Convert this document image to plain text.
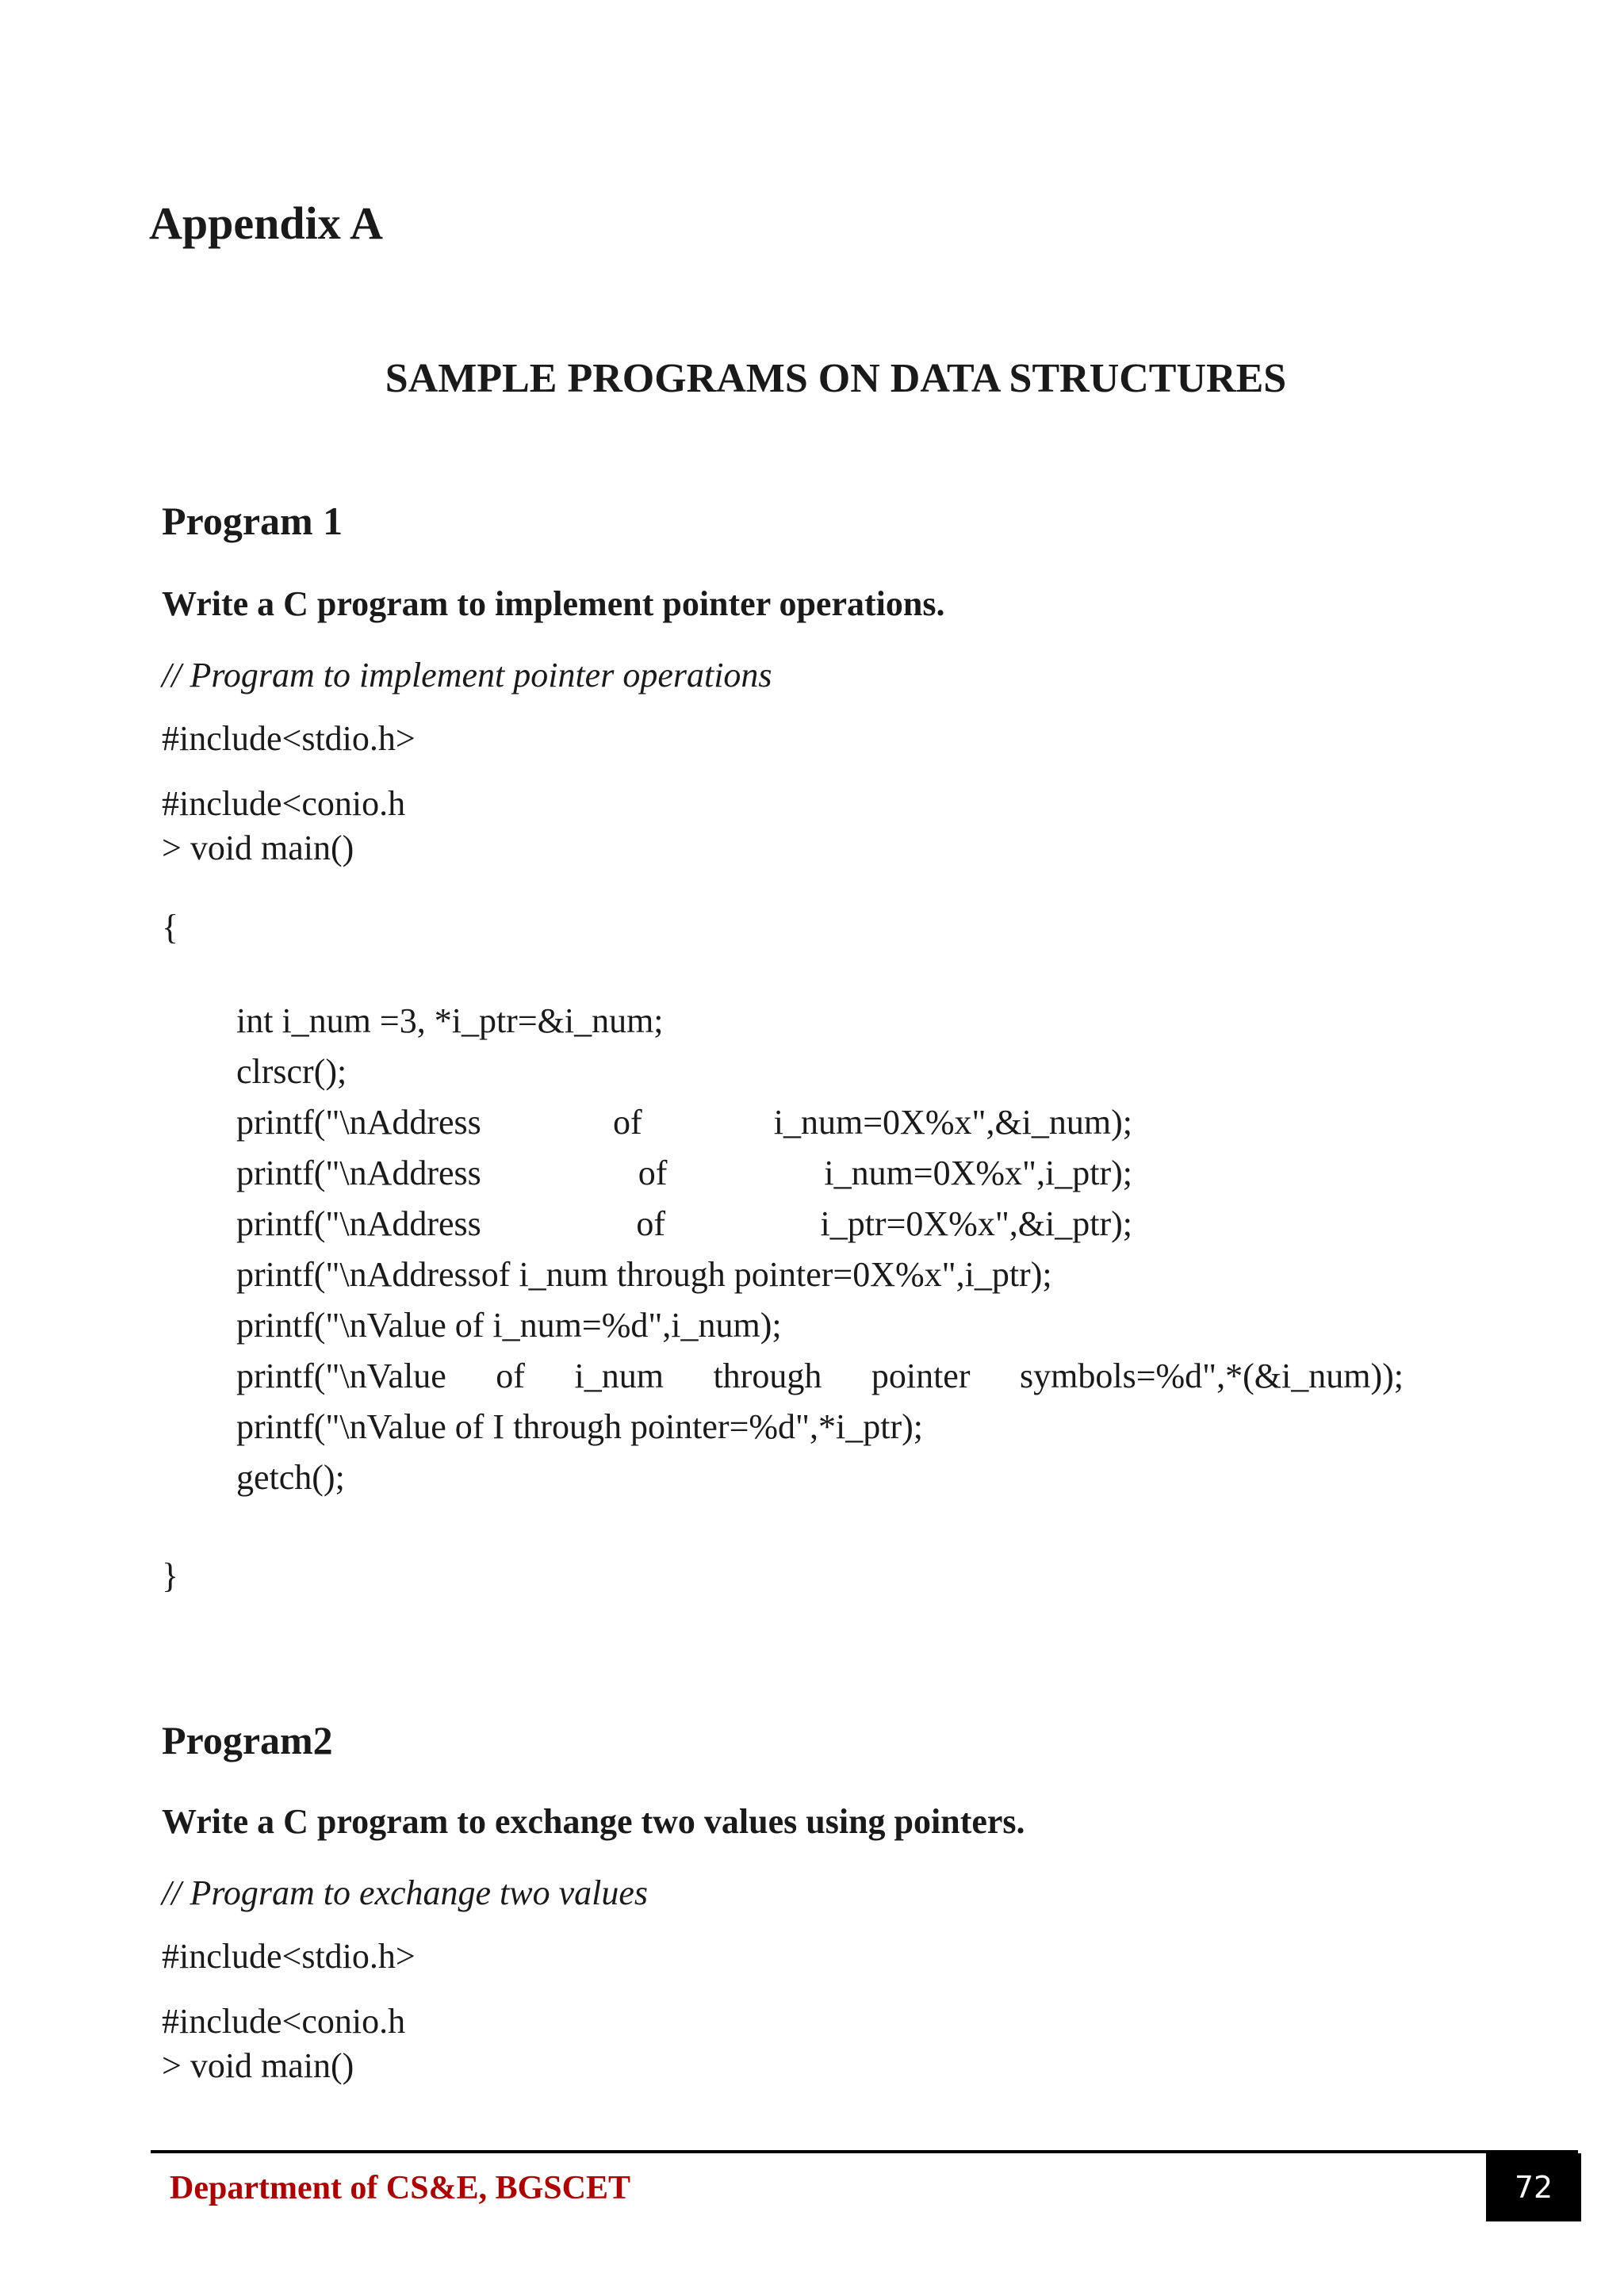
Appendix A
SAMPLE PROGRAMS ON DATA STRUCTURES
Program 1
Write a C program to implement pointer operations.
// Program to implement pointer operations
#include<stdio.h>
#include<conio.h
> void main()
{
int i_num =3, *i_ptr=&i_num;
clrscr();
printf("\nAddress	of	i_num=0X%x",&i_num);
printf("\nAddress	of	i_num=0X%x",i_ptr);
printf("\nAddress	of	i_ptr=0X%x",&i_ptr);
printf("\nAddressof i_num through pointer=0X%x",i_ptr);
printf("\nValue of i_num=%d",i_num);
printf("\nValue of i_num through pointer symbols=%d",*(&i_num));
printf("\nValue of I through pointer=%d",*i_ptr);
getch();
}
Program2
Write a C program to exchange two values using pointers.
// Program to exchange two values
#include<stdio.h>
#include<conio.h
> void main()
Department of CS&E, BGSCET	72
